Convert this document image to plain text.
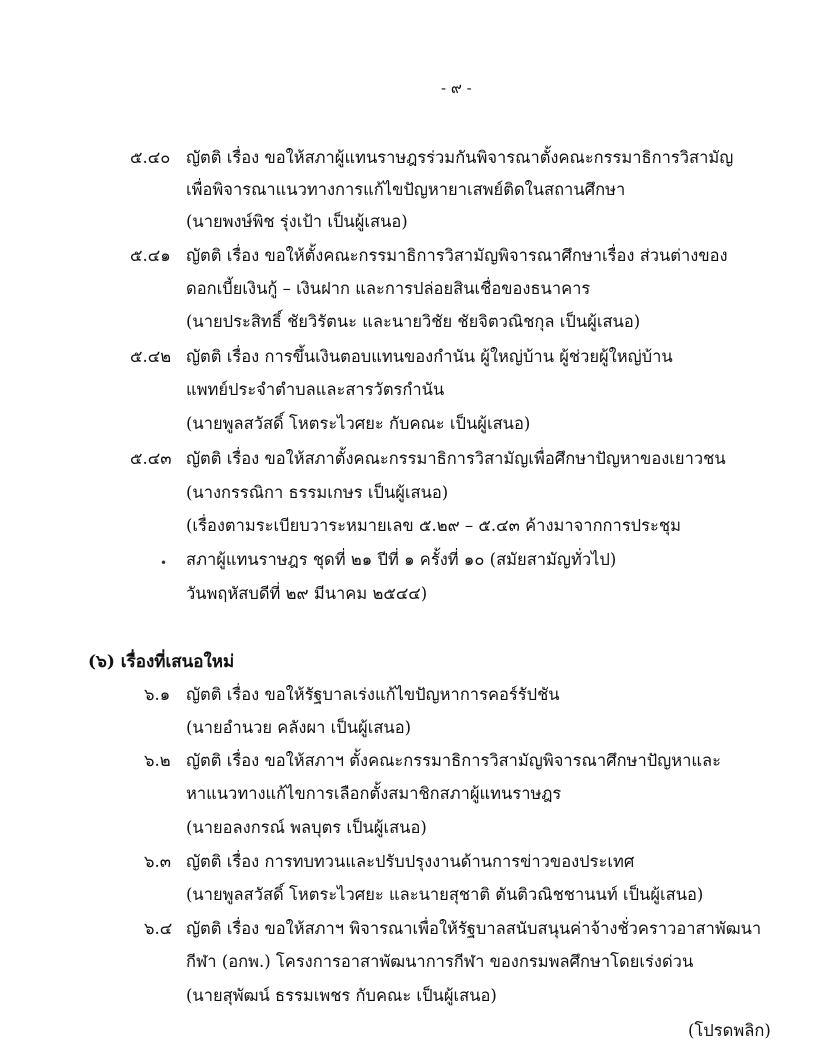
- ๙ -
๕.๔๐ ญัตติ เรื่อง ขอให้สภาผู้แทนราษฎรร่วมกันพิจารณาตั้งคณะกรรมาธิการวิสามัญ
เพื่อพิจารณาแนวทางการแก้ไขปัญหายาเสพย์ติดในสถานศึกษา
(นายพงษ์พิช รุ่งเป้า เป็นผู้เสนอ)
๕.๔๑ ญัตติ เรื่อง ขอให้ตั้งคณะกรรมาธิการวิสามัญพิจารณาศึกษาเรื่อง ส่วนต่างของ
ดอกเบี้ยเงินกู้ – เงินฝาก และการปล่อยสินเชื่อของธนาคาร
(นายประสิทธิ์ ชัยวิรัตนะ และนายวิชัย ชัยจิตวณิชกุล เป็นผู้เสนอ)
๕.๔๒ ญัตติ เรื่อง การขึ้นเงินตอบแทนของกำนัน ผู้ใหญ่บ้าน ผู้ช่วยผู้ใหญ่บ้าน
แพทย์ประจำตำบลและสารวัตรกำนัน
(นายพูลสวัสดิ์ โหตระไวศยะ กับคณะ เป็นผู้เสนอ)
๕.๔๓ ญัตติ เรื่อง ขอให้สภาตั้งคณะกรรมาธิการวิสามัญเพื่อศึกษาปัญหาของเยาวชน
(นางกรรณิกา ธรรมเกษร เป็นผู้เสนอ)
(เรื่องตามระเบียบวาระหมายเลข ๕.๒๙ – ๕.๔๓ ค้างมาจากการประชุม
• สภาผู้แทนราษฎร ชุดที่ ๒๑ ปีที่ ๑ ครั้งที่ ๑๐ (สมัยสามัญทั่วไป)
วันพฤหัสบดีที่ ๒๙ มีนาคม ๒๕๔๔)
(๖) เรื่องที่เสนอใหม่
๖.๑ ญัตติ เรื่อง ขอให้รัฐบาลเร่งแก้ไขปัญหาการคอร์รัปชัน
(นายอำนวย คลังผา เป็นผู้เสนอ)
๖.๒ ญัตติ เรื่อง ขอให้สภาฯ ตั้งคณะกรรมาธิการวิสามัญพิจารณาศึกษาปัญหาและ
หาแนวทางแก้ไขการเลือกตั้งสมาชิกสภาผู้แทนราษฎร
(นายอลงกรณ์ พลบุตร เป็นผู้เสนอ)
๖.๓ ญัตติ เรื่อง การทบทวนและปรับปรุงงานด้านการข่าวของประเทศ
(นายพูลสวัสดิ์ โหตระไวศยะ และนายสุชาติ ตันติวณิชชานนท์ เป็นผู้เสนอ)
๖.๔ ญัตติ เรื่อง ขอให้สภาฯ พิจารณาเพื่อให้รัฐบาลสนับสนุนค่าจ้างชั่วคราวอาสาพัฒนา
กีฬา (อกพ.) โครงการอาสาพัฒนาการกีฬา ของกรมพลศึกษาโดยเร่งด่วน
(นายสุพัฒน์ ธรรมเพชร กับคณะ เป็นผู้เสนอ)
(โปรดพลิก)
